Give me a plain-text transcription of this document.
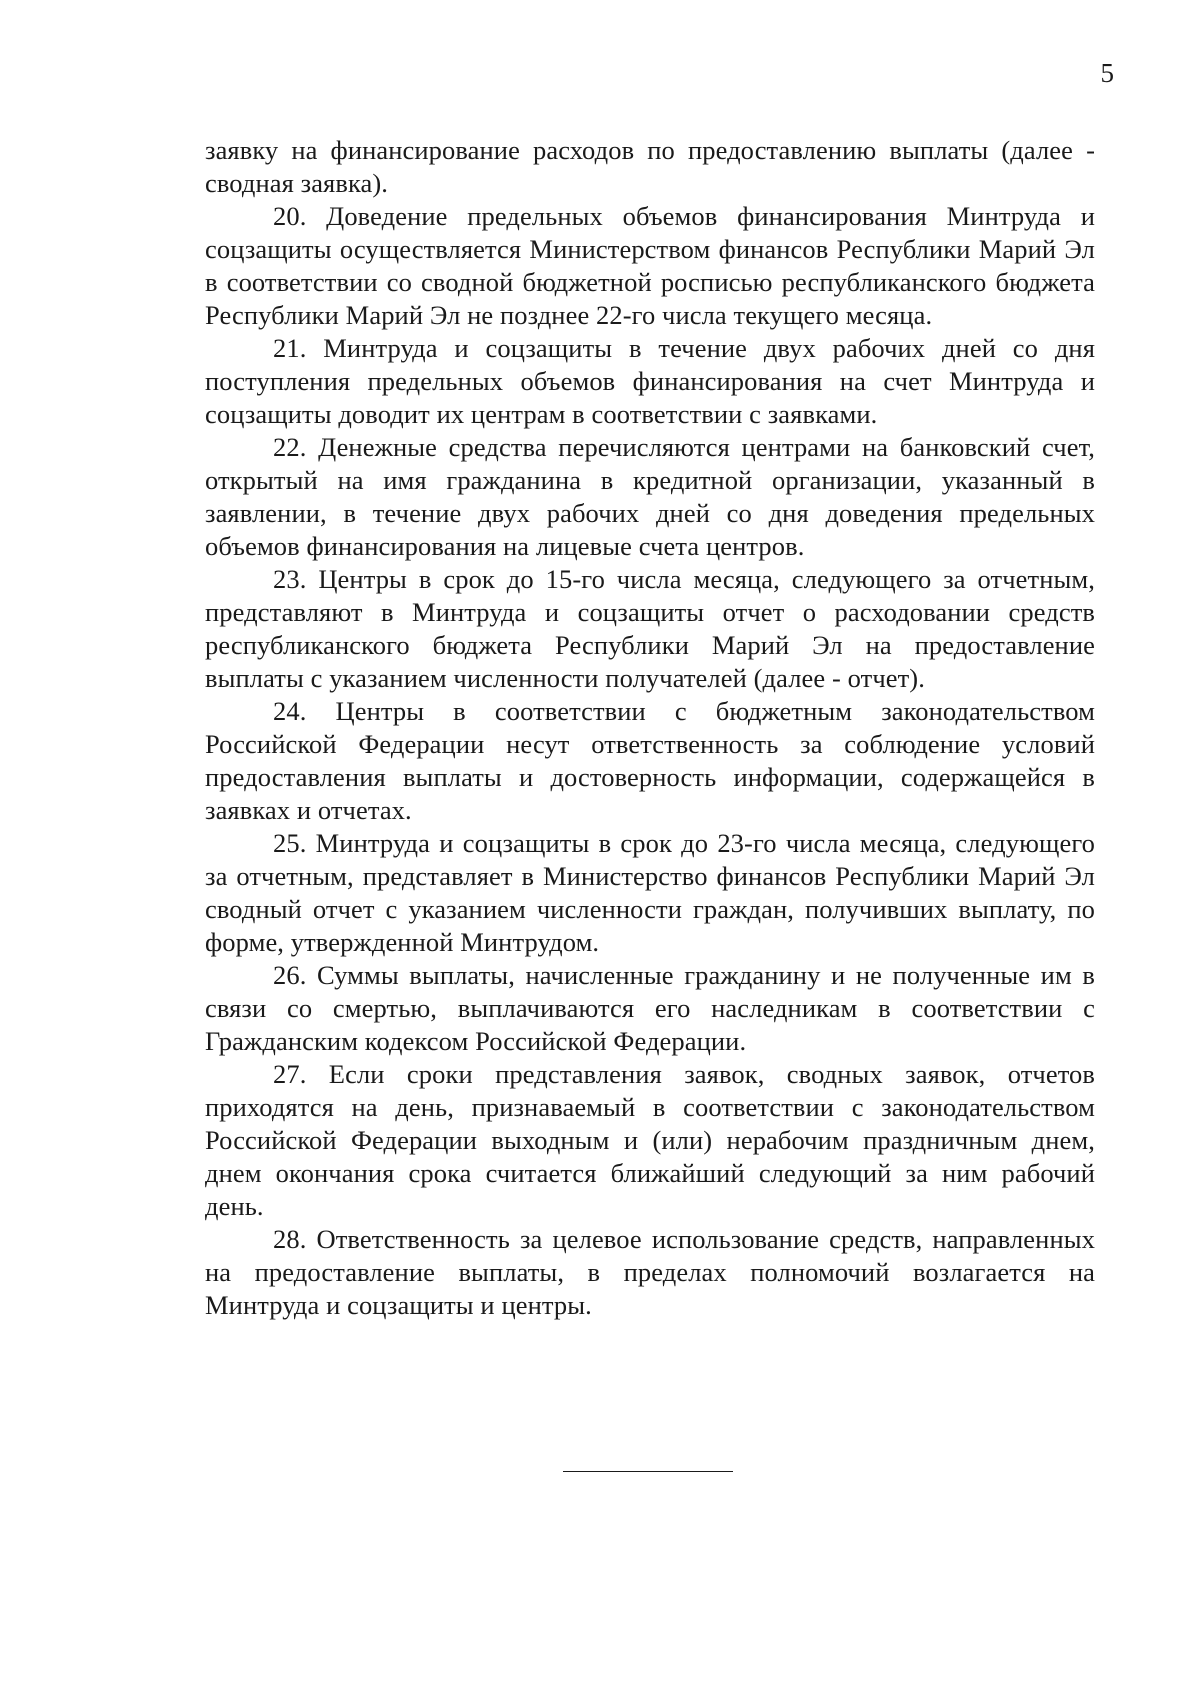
5

заявку на финансирование расходов по предоставлению выплаты (далее - сводная заявка).

20. Доведение предельных объемов финансирования Минтруда и соцзащиты осуществляется Министерством финансов Республики Марий Эл в соответствии со сводной бюджетной росписью республиканского бюджета Республики Марий Эл не позднее 22-го числа текущего месяца.

21. Минтруда и соцзащиты в течение двух рабочих дней со дня поступления предельных объемов финансирования на счет Минтруда и соцзащиты доводит их центрам в соответствии с заявками.

22. Денежные средства перечисляются центрами на банковский счет, открытый на имя гражданина в кредитной организации, указанный в заявлении, в течение двух рабочих дней со дня доведения предельных объемов финансирования на лицевые счета центров.

23. Центры в срок до 15-го числа месяца, следующего за отчетным, представляют в Минтруда и соцзащиты отчет о расходовании средств республиканского бюджета Республики Марий Эл на предоставление выплаты с указанием численности получателей (далее - отчет).

24. Центры в соответствии с бюджетным законодательством Российской Федерации несут ответственность за соблюдение условий предоставления выплаты и достоверность информации, содержащейся в заявках и отчетах.

25. Минтруда и соцзащиты в срок до 23-го числа месяца, следующего за отчетным, представляет в Министерство финансов Республики Марий Эл сводный отчет с указанием численности граждан, получивших выплату, по форме, утвержденной Минтрудом.

26. Суммы выплаты, начисленные гражданину и не полученные им в связи со смертью, выплачиваются его наследникам в соответствии с Гражданским кодексом Российской Федерации.

27. Если сроки представления заявок, сводных заявок, отчетов приходятся на день, признаваемый в соответствии с законодательством Российской Федерации выходным и (или) нерабочим праздничным днем, днем окончания срока считается ближайший следующий за ним рабочий день.

28. Ответственность за целевое использование средств, направленных на предоставление выплаты, в пределах полномочий возлагается на Минтруда и соцзащиты и центры.
